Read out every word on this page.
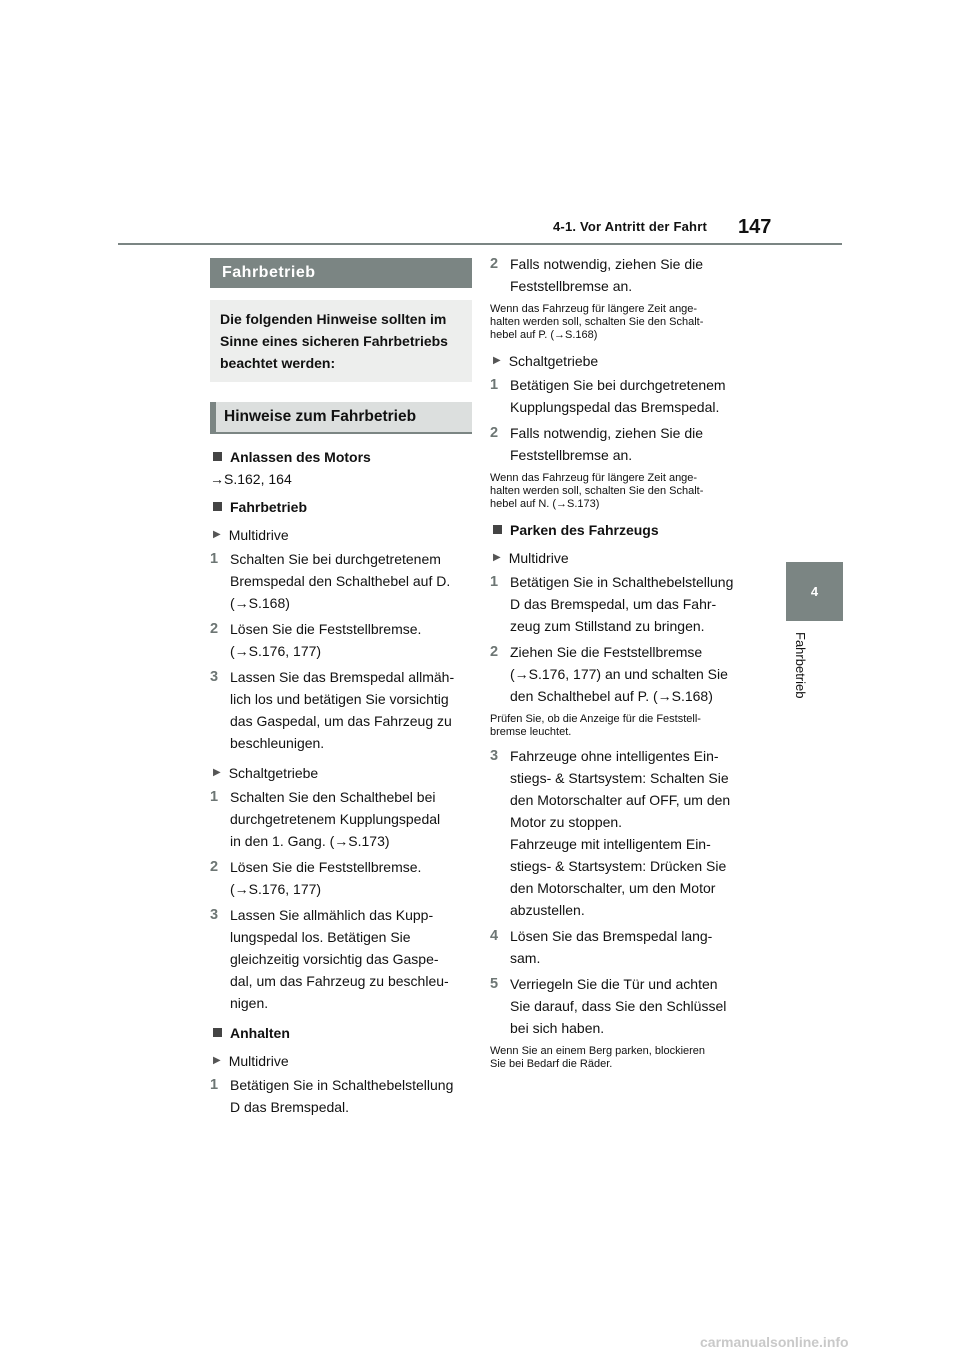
4-1. Vor Antritt der Fahrt 147
4
Fahrbetrieb
Fahrbetrieb
Die folgenden Hinweise sollten im Sinne eines sicheren Fahrbetriebs beachtet werden:
Hinweise zum Fahrbetrieb
Anlassen des Motors
→S.162, 164
Fahrbetrieb
▶ Multidrive
1 Schalten Sie bei durchgetretenem
Bremspedal den Schalthebel auf D.
(→S.168)
2 Lösen Sie die Feststellbremse.
(→S.176, 177)
3 Lassen Sie das Bremspedal allmäh-
lich los und betätigen Sie vorsichtig
das Gaspedal, um das Fahrzeug zu
beschleunigen.
▶ Schaltgetriebe
1 Schalten Sie den Schalthebel bei
durchgetretenem Kupplungspedal
in den 1. Gang. (→S.173)
2 Lösen Sie die Feststellbremse.
(→S.176, 177)
3 Lassen Sie allmählich das Kupp-
lungspedal los. Betätigen Sie
gleichzeitig vorsichtig das Gaspe-
dal, um das Fahrzeug zu beschleu-
nigen.
Anhalten
▶ Multidrive
1 Betätigen Sie in Schalthebelstellung
D das Bremspedal.
2 Falls notwendig, ziehen Sie die
Feststellbremse an.
Wenn das Fahrzeug für längere Zeit ange-
halten werden soll, schalten Sie den Schalt-
hebel auf P. (→S.168)
▶ Schaltgetriebe
1 Betätigen Sie bei durchgetretenem
Kupplungspedal das Bremspedal.
2 Falls notwendig, ziehen Sie die
Feststellbremse an.
Wenn das Fahrzeug für längere Zeit ange-
halten werden soll, schalten Sie den Schalt-
hebel auf N. (→S.173)
Parken des Fahrzeugs
▶ Multidrive
1 Betätigen Sie in Schalthebelstellung
D das Bremspedal, um das Fahr-
zeug zum Stillstand zu bringen.
2 Ziehen Sie die Feststellbremse
(→S.176, 177) an und schalten Sie
den Schalthebel auf P. (→S.168)
Prüfen Sie, ob die Anzeige für die Feststell-
bremse leuchtet.
3 Fahrzeuge ohne intelligentes Ein-
stiegs- & Startsystem: Schalten Sie
den Motorschalter auf OFF, um den
Motor zu stoppen.
Fahrzeuge mit intelligentem Ein-
stiegs- & Startsystem: Drücken Sie
den Motorschalter, um den Motor
abzustellen.
4 Lösen Sie das Bremspedal lang-
sam.
5 Verriegeln Sie die Tür und achten
Sie darauf, dass Sie den Schlüssel
bei sich haben.
Wenn Sie an einem Berg parken, blockieren
Sie bei Bedarf die Räder.
carmanualsonline.info
